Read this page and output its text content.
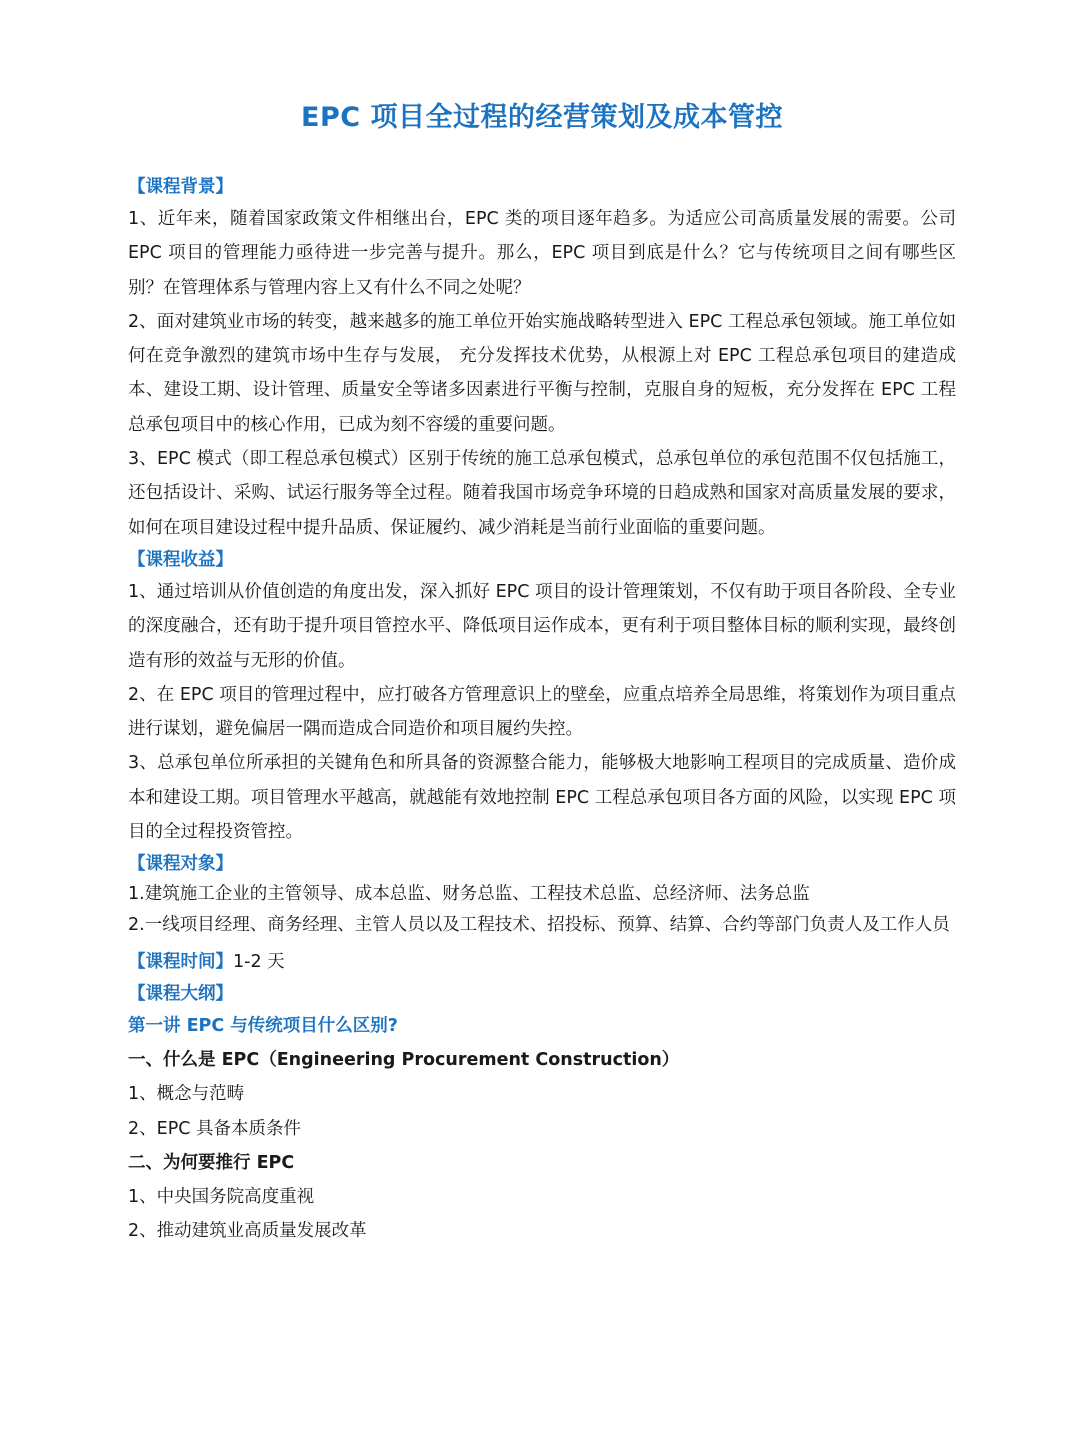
EPC 项目全过程的经营策划及成本管控

【课程背景】

1、近年来，随着国家政策文件相继出台，EPC 类的项目逐年趋多。为适应公司高质量发展的需要。公司 EPC 项目的管理能力亟待进一步完善与提升。那么，EPC 项目到底是什么？它与传统项目之间有哪些区别？在管理体系与管理内容上又有什么不同之处呢？

2、面对建筑业市场的转变，越来越多的施工单位开始实施战略转型进入 EPC 工程总承包领域。施工单位如何在竞争激烈的建筑市场中生存与发展， 充分发挥技术优势，从根源上对 EPC 工程总承包项目的建造成本、建设工期、设计管理、质量安全等诸多因素进行平衡与控制，克服自身的短板，充分发挥在 EPC 工程总承包项目中的核心作用，已成为刻不容缓的重要问题。

3、EPC 模式（即工程总承包模式）区别于传统的施工总承包模式，总承包单位的承包范围不仅包括施工，还包括设计、采购、试运行服务等全过程。随着我国市场竞争环境的日趋成熟和国家对高质量发展的要求，如何在项目建设过程中提升品质、保证履约、减少消耗是当前行业面临的重要问题。

【课程收益】

1、通过培训从价值创造的角度出发，深入抓好 EPC 项目的设计管理策划，不仅有助于项目各阶段、全专业的深度融合，还有助于提升项目管控水平、降低项目运作成本，更有利于项目整体目标的顺利实现，最终创造有形的效益与无形的价值。

2、在 EPC 项目的管理过程中，应打破各方管理意识上的壁垒，应重点培养全局思维，将策划作为项目重点进行谋划，避免偏居一隅而造成合同造价和项目履约失控。

3、总承包单位所承担的关键角色和所具备的资源整合能力，能够极大地影响工程项目的完成质量、造价成本和建设工期。项目管理水平越高，就越能有效地控制 EPC 工程总承包项目各方面的风险，以实现 EPC 项目的全过程投资管控。

【课程对象】

1.建筑施工企业的主管领导、成本总监、财务总监、工程技术总监、总经济师、法务总监

2.一线项目经理、商务经理、主管人员以及工程技术、招投标、预算、结算、合约等部门负责人及工作人员

【课程时间】1-2 天

【课程大纲】

第一讲 EPC 与传统项目什么区别?

一、什么是 EPC（Engineering Procurement Construction）

1、概念与范畴

2、EPC 具备本质条件

二、为何要推行 EPC

1、中央国务院高度重视

2、推动建筑业高质量发展改革
